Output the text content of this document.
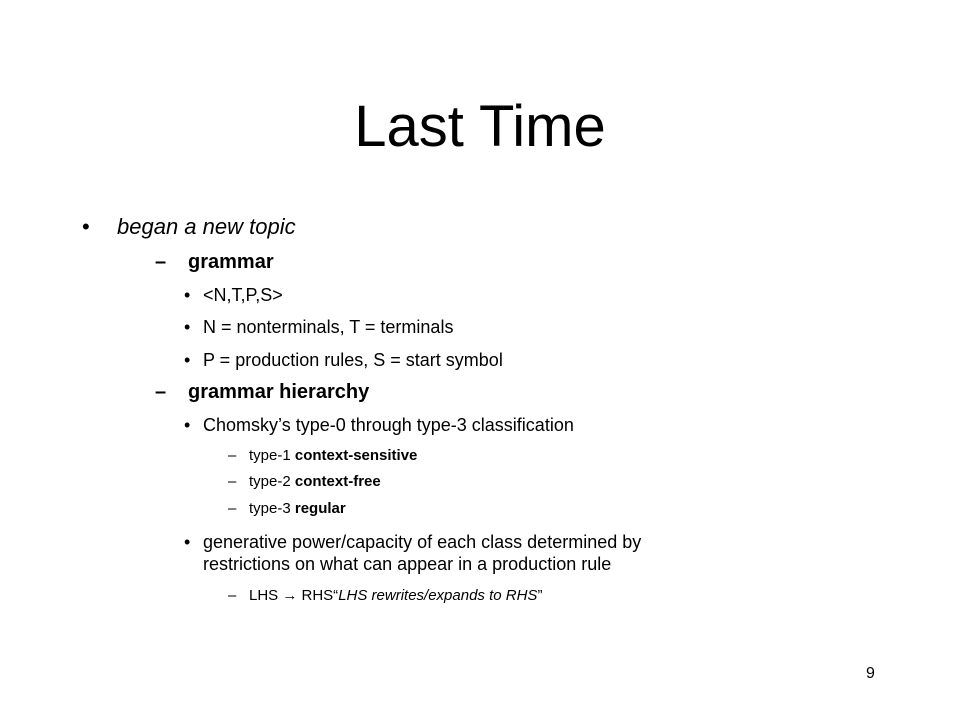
Last Time
• began a new topic
– grammar
• <N,T,P,S>
• N = nonterminals, T = terminals
• P = production rules, S = start symbol
– grammar hierarchy
• Chomsky’s type-0 through type-3 classification
– type-1 context-sensitive
– type-2 context-free
– type-3 regular
• generative power/capacity of each class determined by
restrictions on what can appear in a production rule
– LHS → RHS“LHS rewrites/expands to RHS”
9
